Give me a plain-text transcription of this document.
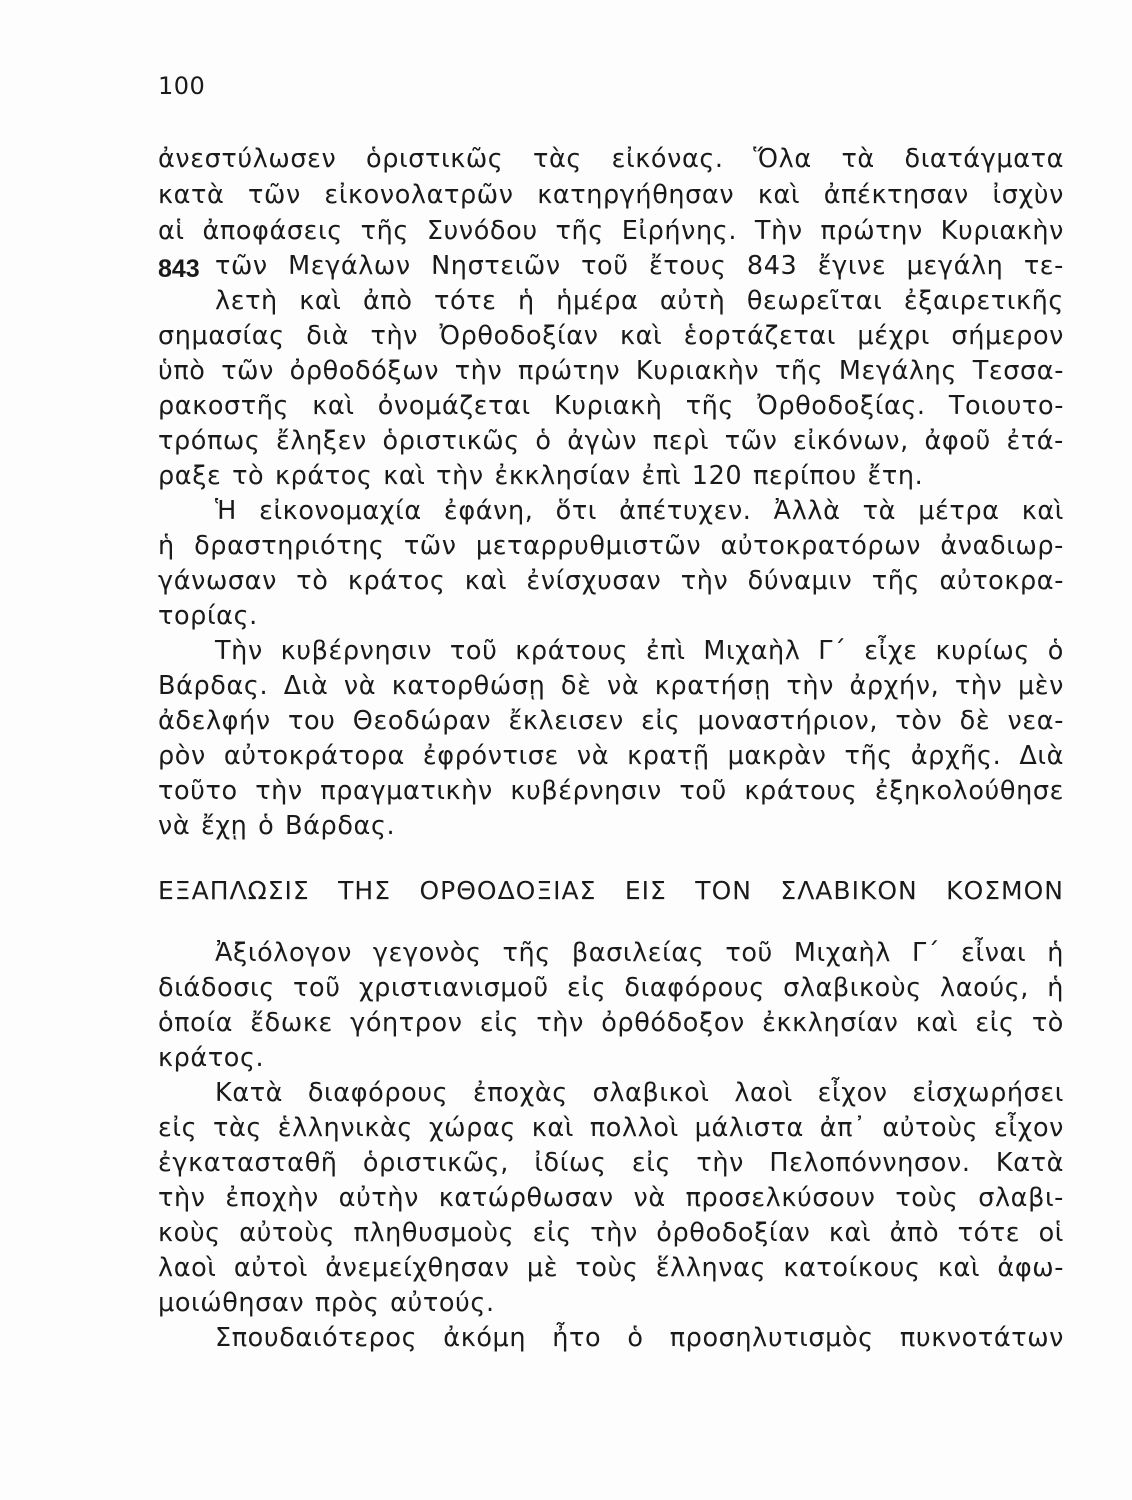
100
843
ἀνεστύλωσεν ὁριστικῶς τὰς εἰκόνας. Ὅλα τὰ διατάγματα
κατὰ τῶν εἰκονολατρῶν κατηργήθησαν καὶ ἀπέκτησαν ἰσχὺν
αἱ ἀποφάσεις τῆς Συνόδου τῆς Εἰρήνης. Τὴν πρώτην Κυριακὴν
τῶν Μεγάλων Νηστειῶν τοῦ ἔτους 843 ἔγινε μεγάλη τε-
λετὴ καὶ ἀπὸ τότε ἡ ἡμέρα αὐτὴ θεωρεῖται ἐξαιρετικῆς
σημασίας διὰ τὴν Ὀρθοδοξίαν καὶ ἑορτάζεται μέχρι σήμερον
ὑπὸ τῶν ὀρθοδόξων τὴν πρώτην Κυριακὴν τῆς Μεγάλης Τεσσα-
ρακοστῆς καὶ ὀνομάζεται Κυριακὴ τῆς Ὀρθοδοξίας. Τοιουτο-
τρόπως ἔληξεν ὁριστικῶς ὁ ἀγὼν περὶ τῶν εἰκόνων, ἀφοῦ ἐτά-
ραξε τὸ κράτος καὶ τὴν ἐκκλησίαν ἐπὶ 120 περίπου ἔτη.
Ἡ εἰκονομαχία ἐφάνη, ὅτι ἀπέτυχεν. Ἀλλὰ τὰ μέτρα καὶ
ἡ δραστηριότης τῶν μεταρρυθμιστῶν αὐτοκρατόρων ἀναδιωρ-
γάνωσαν τὸ κράτος καὶ ἐνίσχυσαν τὴν δύναμιν τῆς αὐτοκρα-
τορίας.
Τὴν κυβέρνησιν τοῦ κράτους ἐπὶ Μιχαὴλ Γ΄ εἶχε κυρίως ὁ
Βάρδας. Διὰ νὰ κατορθώσῃ δὲ νὰ κρατήσῃ τὴν ἀρχήν, τὴν μὲν
ἀδελφήν του Θεοδώραν ἔκλεισεν εἰς μοναστήριον, τὸν δὲ νεα-
ρὸν αὐτοκράτορα ἐφρόντισε νὰ κρατῇ μακρὰν τῆς ἀρχῆς. Διὰ
τοῦτο τὴν πραγματικὴν κυβέρνησιν τοῦ κράτους ἐξηκολούθησε
νὰ ἔχῃ ὁ Βάρδας.
ΕΞΑΠΛΩΣΙΣ ΤΗΣ ΟΡΘΟΔΟΞΙΑΣ ΕΙΣ ΤΟΝ ΣΛΑΒΙΚΟΝ ΚΟΣΜΟΝ
Ἀξιόλογον γεγονὸς τῆς βασιλείας τοῦ Μιχαὴλ Γ΄ εἶναι ἡ
διάδοσις τοῦ χριστιανισμοῦ εἰς διαφόρους σλαβικοὺς λαούς, ἡ
ὁποία ἔδωκε γόητρον εἰς τὴν ὀρθόδοξον ἐκκλησίαν καὶ εἰς τὸ
κράτος.
Κατὰ διαφόρους ἐποχὰς σλαβικοὶ λαοὶ εἶχον εἰσχωρήσει
εἰς τὰς ἑλληνικὰς χώρας καὶ πολλοὶ μάλιστα ἀπ᾽ αὐτοὺς εἶχον
ἐγκατασταθῆ ὁριστικῶς, ἰδίως εἰς τὴν Πελοπόννησον. Κατὰ
τὴν ἐποχὴν αὐτὴν κατώρθωσαν νὰ προσελκύσουν τοὺς σλαβι-
κοὺς αὐτοὺς πληθυσμοὺς εἰς τὴν ὀρθοδοξίαν καὶ ἀπὸ τότε οἱ
λαοὶ αὐτοὶ ἀνεμείχθησαν μὲ τοὺς ἕλληνας κατοίκους καὶ ἀφω-
μοιώθησαν πρὸς αὐτούς.
Σπουδαιότερος ἀκόμη ἦτο ὁ προσηλυτισμὸς πυκνοτάτων
